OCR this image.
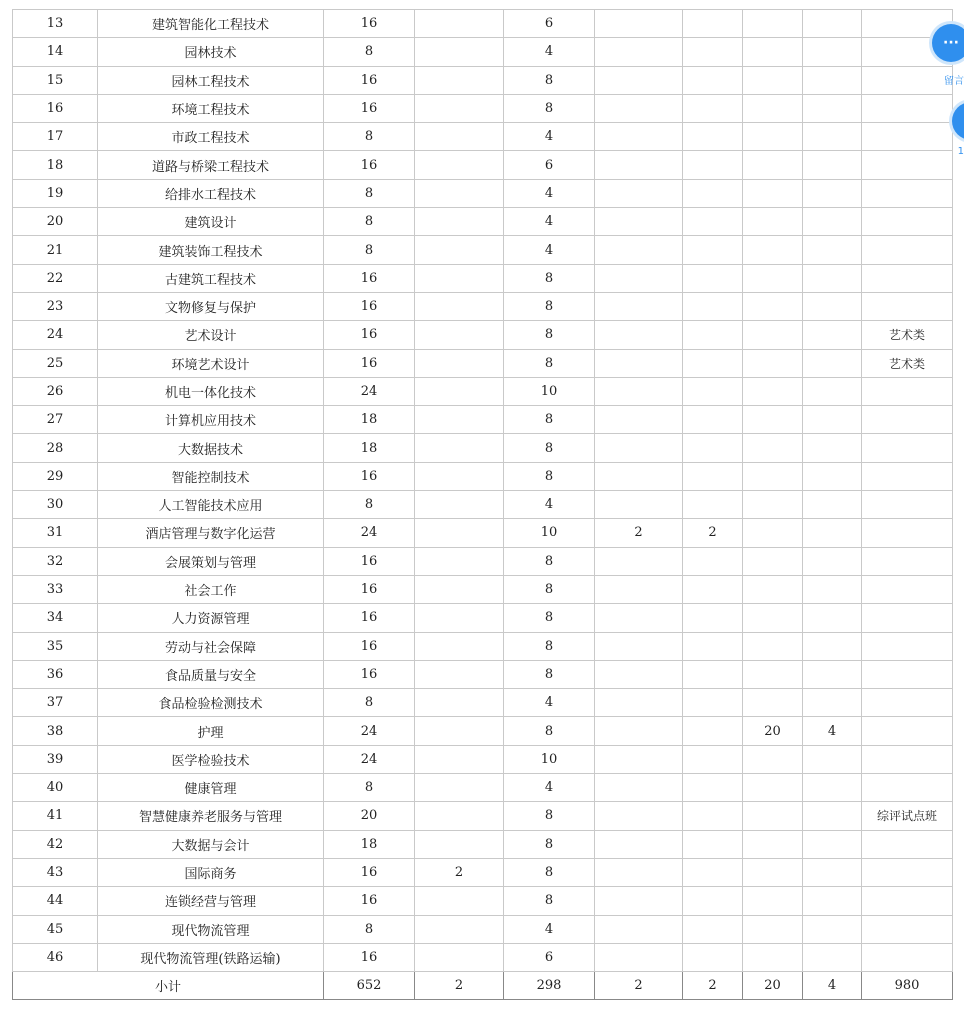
13	建筑智能化工程技术	16		6					
14	园林技术	8		4					
15	园林工程技术	16		8					
16	环境工程技术	16		8					
17	市政工程技术	8		4					
18	道路与桥梁工程技术	16		6					
19	给排水工程技术	8		4					
20	建筑设计	8		4					
21	建筑装饰工程技术	8		4					
22	古建筑工程技术	16		8					
23	文物修复与保护	16		8					
24	艺术设计	16		8					艺术类
25	环境艺术设计	16		8					艺术类
26	机电一体化技术	24		10					
27	计算机应用技术	18		8					
28	大数据技术	18		8					
29	智能控制技术	16		8					
30	人工智能技术应用	8		4					
31	酒店管理与数字化运营	24		10	2	2			
32	会展策划与管理	16		8					
33	社会工作	16		8					
34	人力资源管理	16		8					
35	劳动与社会保障	16		8					
36	食品质量与安全	16		8					
37	食品检验检测技术	8		4					
38	护理	24		8			20	4	
39	医学检验技术	24		10					
40	健康管理	8		4					
41	智慧健康养老服务与管理	20		8					综评试点班
42	大数据与会计	18		8					
43	国际商务	16	2	8					
44	连锁经营与管理	16		8					
45	现代物流管理	8		4					
46	现代物流管理(铁路运输)	16		6					
小计		652	2	298	2	2	20	4	980
···
留言
1
